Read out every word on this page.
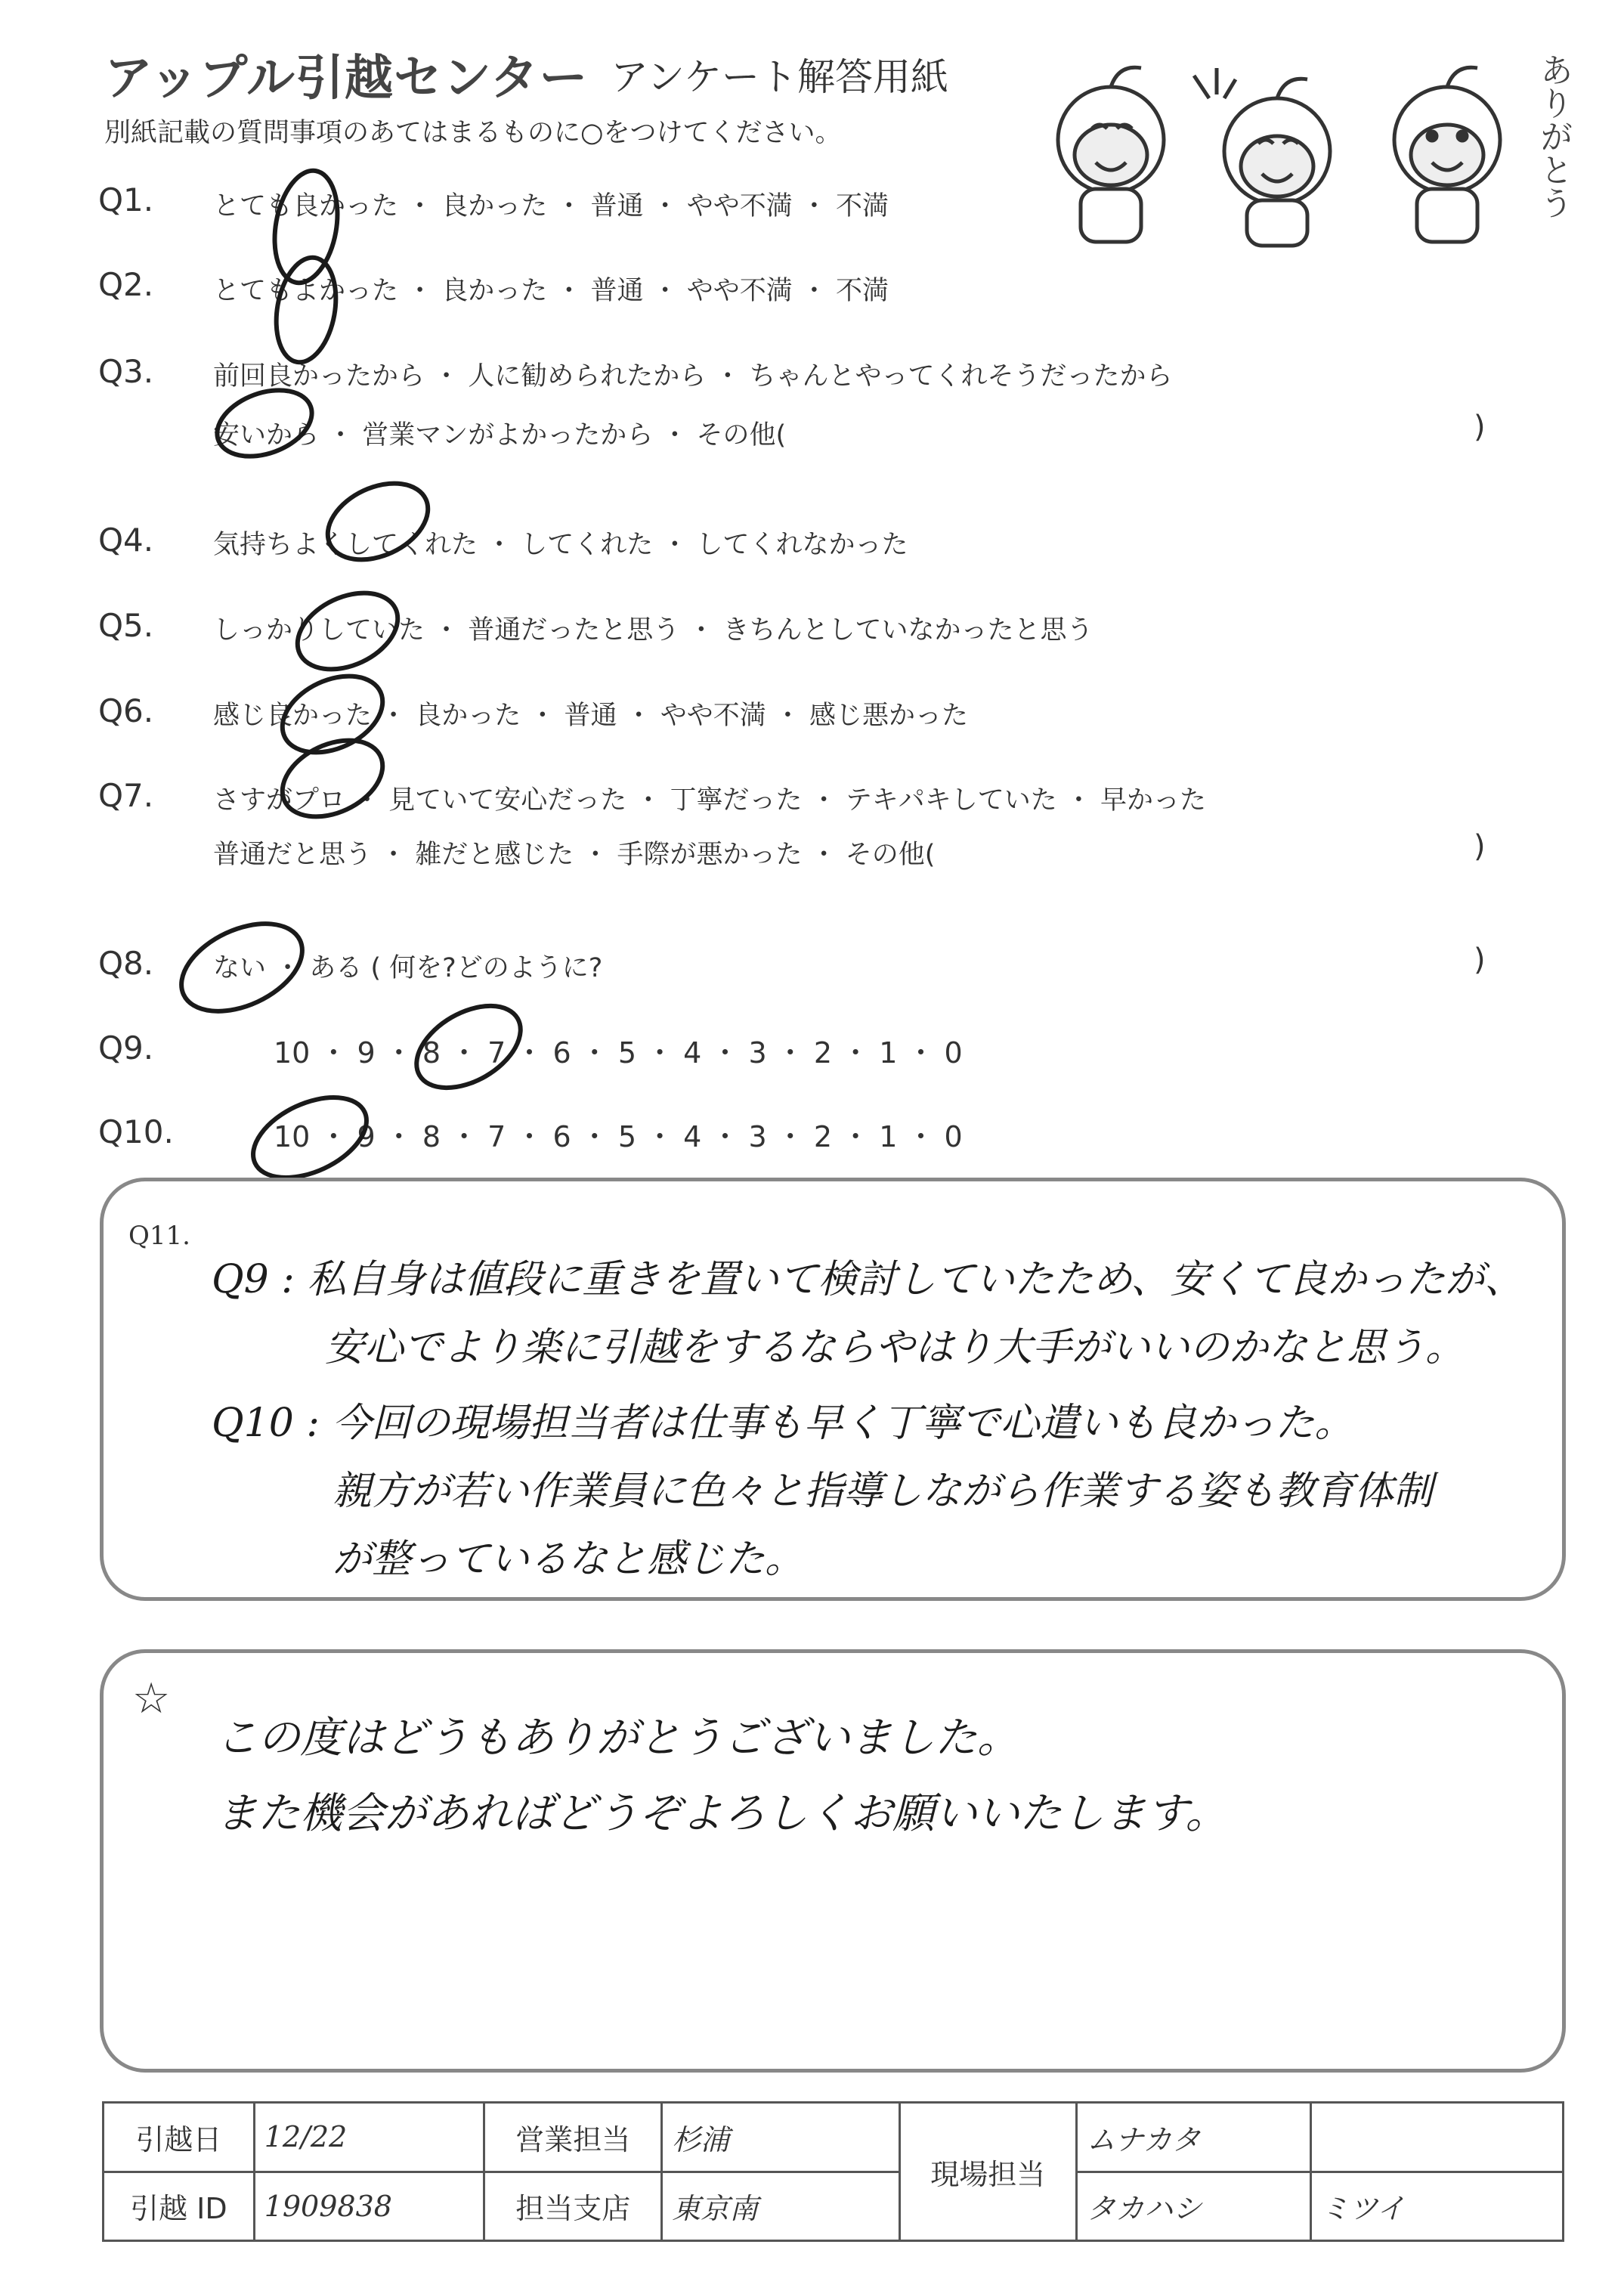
アップル引越センター アンケート解答用紙
別紙記載の質問事項のあてはまるものに○をつけてください。	ありがとう
Q1. とても良かった ・ 良かった ・ 普通 ・ やや不満 ・ 不満
Q2. とてもよかった ・ 良かった ・ 普通 ・ やや不満 ・ 不満
Q3. 前回良かったから ・ 人に勧められたから ・ ちゃんとやってくれそうだったから
安いから ・ 営業マンがよかったから ・ その他(	)
Q4. 気持ちよくしてくれた ・ してくれた ・ してくれなかった
Q5. しっかりしていた ・ 普通だったと思う ・ きちんとしていなかったと思う
Q6. 感じ良かった ・ 良かった ・ 普通 ・ やや不満 ・ 感じ悪かった
Q7. さすがプロ ・ 見ていて安心だった ・ 丁寧だった ・ テキパキしていた ・ 早かった
普通だと思う ・ 雑だと感じた ・ 手際が悪かった ・ その他(	)
Q8. ない ・ ある ( 何を?どのように?	)
Q9.	10 ・ 9 ・ 8 ・ 7 ・ 6 ・ 5 ・ 4 ・ 3 ・ 2 ・ 1 ・ 0
Q10.	10 ・ 9 ・ 8 ・ 7 ・ 6 ・ 5 ・ 4 ・ 3 ・ 2 ・ 1 ・ 0
Q11.
Q9 : 私自身は値段に重きを置いて検討していたため、安くて良かったが、
安心でより楽に引越をするならやはり大手がいいのかなと思う。
Q10 : 今回の現場担当者は仕事も早く丁寧で心遣いも良かった。
親方が若い作業員に色々と指導しながら作業する姿も教育体制
が整っているなと感じた。
☆
この度はどうもありがとうございました。
また機会があればどうぞよろしくお願いいたします。
引越日	12/22	営業担当	杉浦	現場担当	ムナカタ	
引越 ID	1909838	担当支店	東京南		タカハシ	ミツイ
